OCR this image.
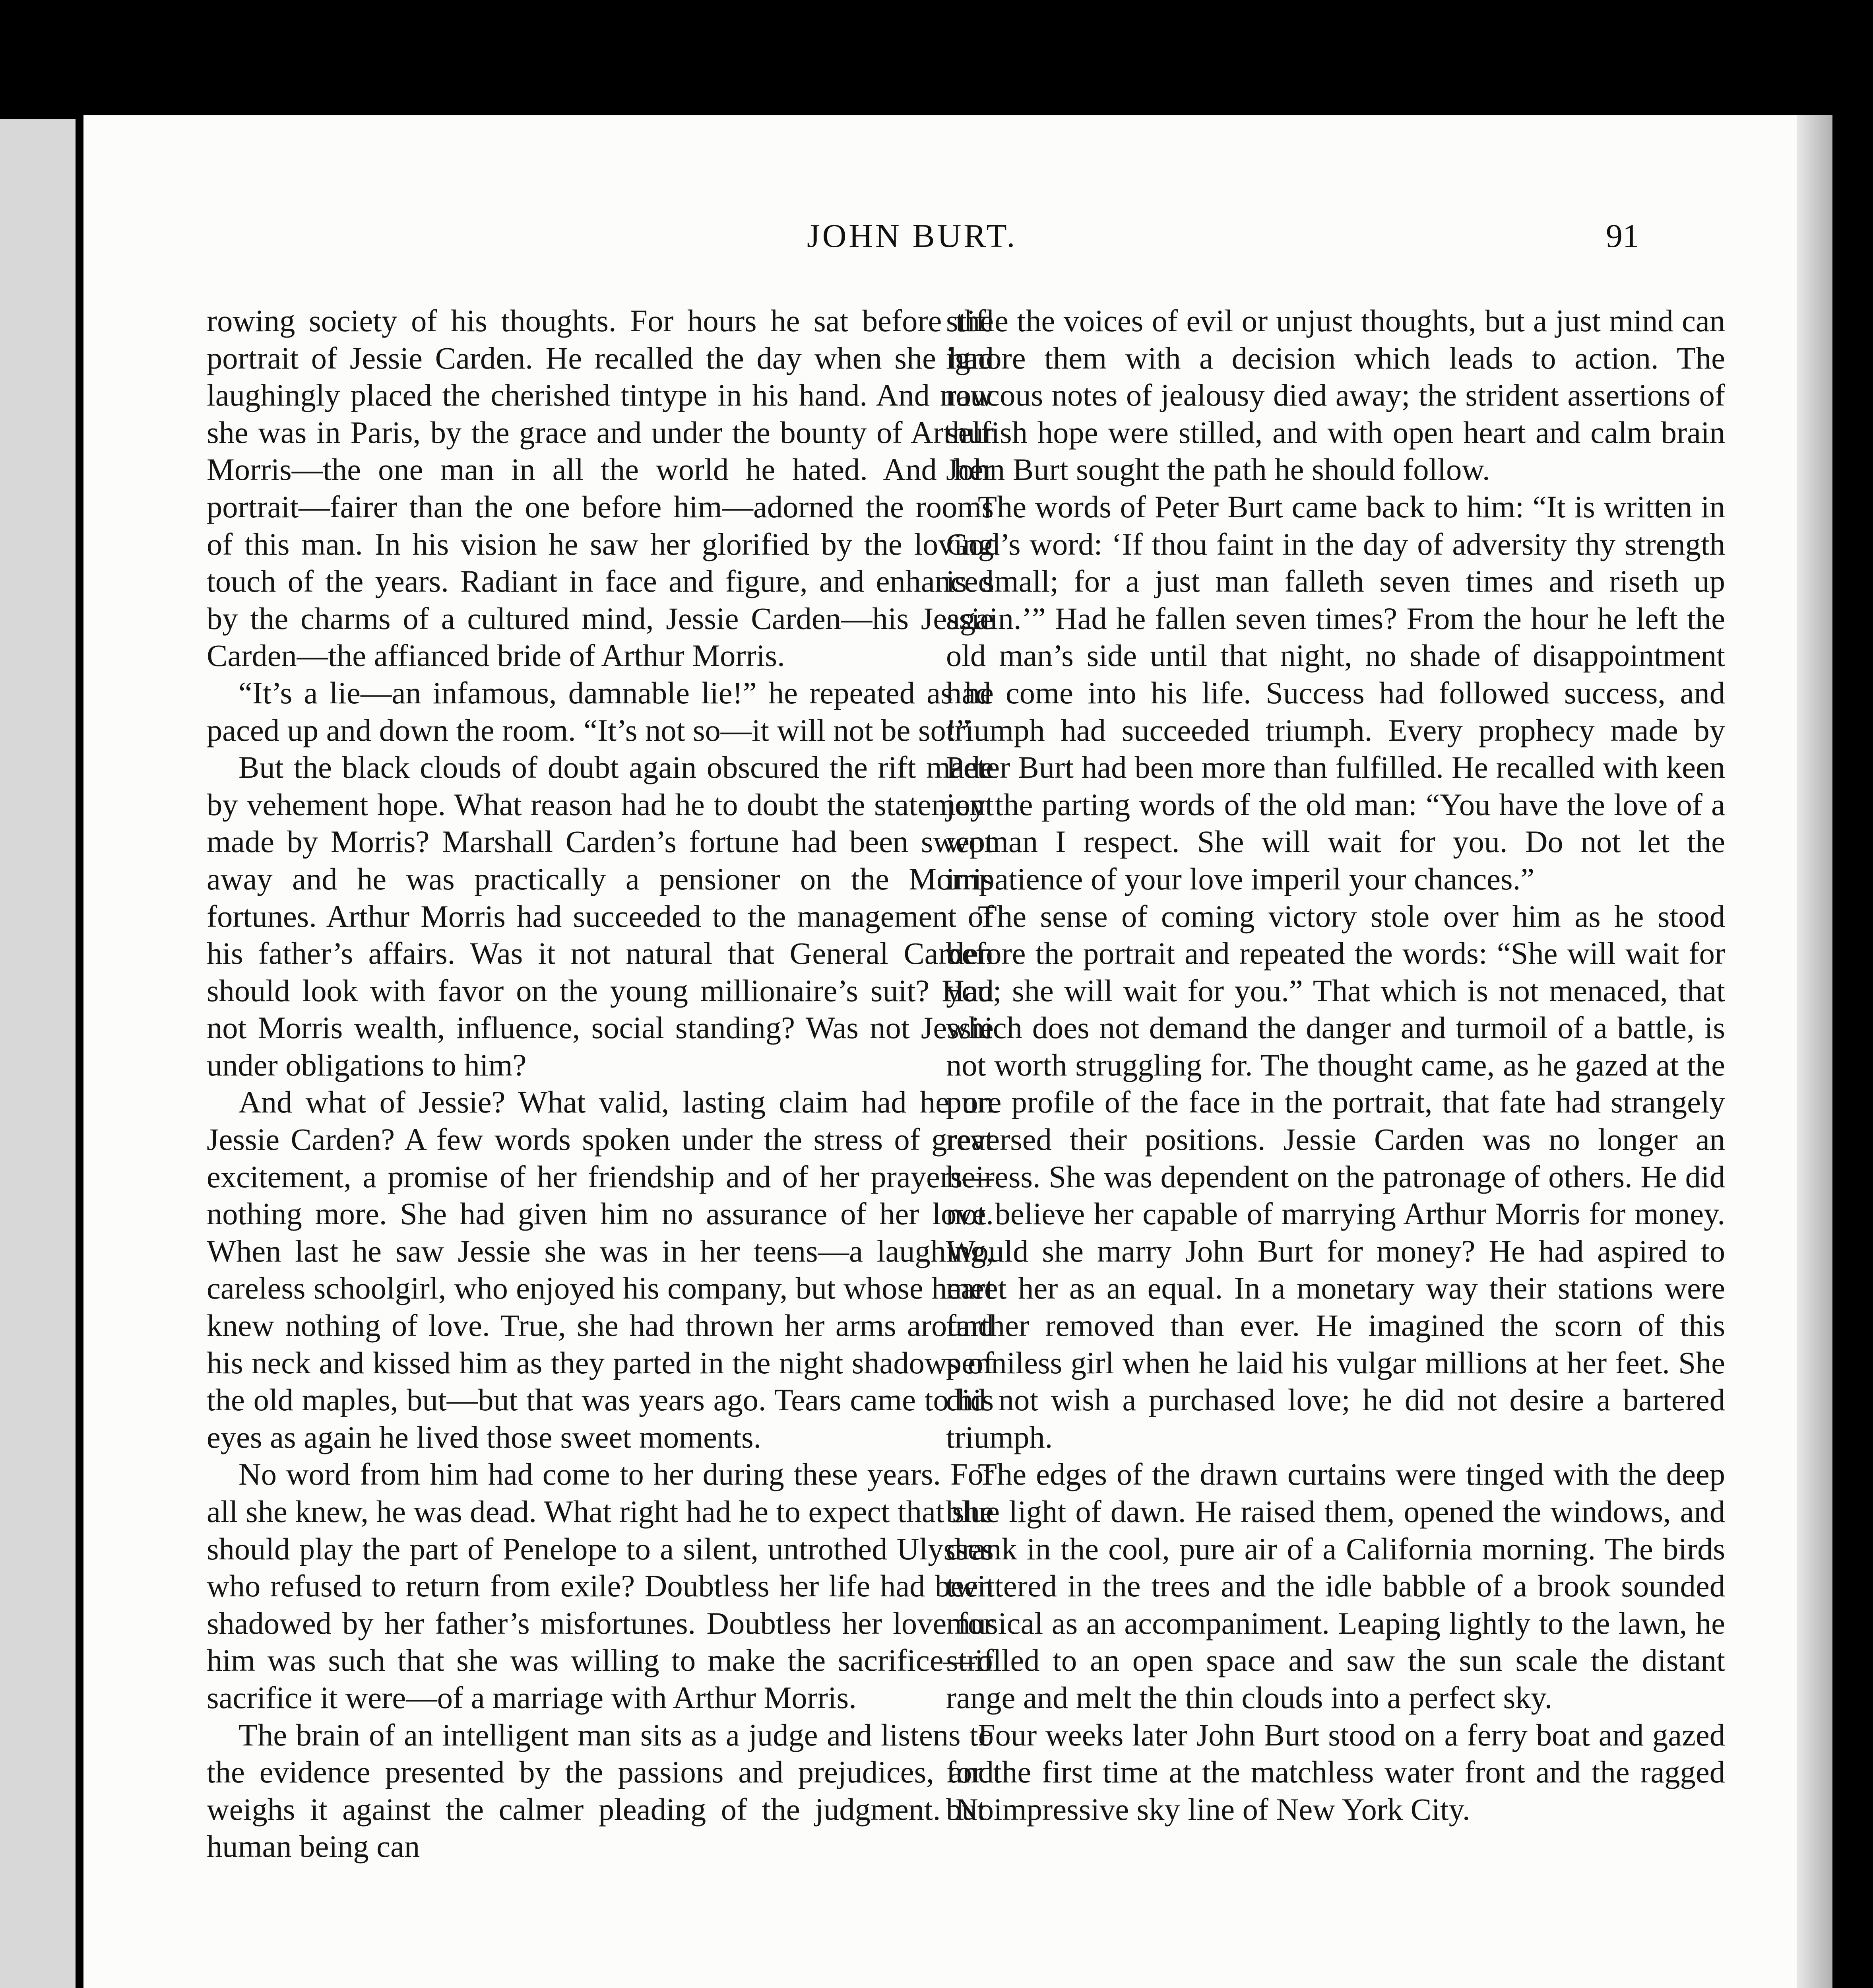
JOHN BURT.	91

rowing society of his thoughts. For hours he sat before the portrait of Jessie Carden. He recalled the day when she had laughingly placed the cherished tintype in his hand. And now she was in Paris, by the grace and under the bounty of Arthur Morris—the one man in all the world he hated. And her portrait—fairer than the one before him—adorned the rooms of this man. In his vision he saw her glorified by the loving touch of the years. Radiant in face and figure, and enhanced by the charms of a cultured mind, Jessie Carden—his Jessie Carden—the affianced bride of Arthur Morris.

“It’s a lie—an infamous, damnable lie!” he repeated as he paced up and down the room. “It’s not so—it will not be so!”

But the black clouds of doubt again obscured the rift made by vehement hope. What reason had he to doubt the statement made by Morris? Marshall Carden’s fortune had been swept away and he was practically a pensioner on the Morris fortunes. Arthur Morris had succeeded to the management of his father’s affairs. Was it not natural that General Carden should look with favor on the young millionaire’s suit? Had not Morris wealth, influence, social standing? Was not Jessie under obligations to him?

And what of Jessie? What valid, lasting claim had he on Jessie Carden? A few words spoken under the stress of great excitement, a promise of her friendship and of her prayers—nothing more. She had given him no assurance of her love. When last he saw Jessie she was in her teens—a laughing, careless schoolgirl, who enjoyed his company, but whose heart knew nothing of love. True, she had thrown her arms around his neck and kissed him as they parted in the night shadows of the old maples, but—but that was years ago. Tears came to his eyes as again he lived those sweet moments.

No word from him had come to her during these years. For all she knew, he was dead. What right had he to expect that she should play the part of Penelope to a silent, untrothed Ulysses who refused to return from exile? Doubtless her life had been shadowed by her father’s misfortunes. Doubtless her love for him was such that she was willing to make the sacrifice—if sacrifice it were—of a marriage with Arthur Morris.

The brain of an intelligent man sits as a judge and listens to the evidence presented by the passions and prejudices, and weighs it against the calmer pleading of the judgment. No human being can

stifle the voices of evil or unjust thoughts, but a just mind can ignore them with a decision which leads to action. The raucous notes of jealousy died away; the strident assertions of selfish hope were stilled, and with open heart and calm brain John Burt sought the path he should follow.

The words of Peter Burt came back to him: “It is written in God’s word: ‘If thou faint in the day of adversity thy strength is small; for a just man falleth seven times and riseth up again.’” Had he fallen seven times? From the hour he left the old man’s side until that night, no shade of disappointment had come into his life. Success had followed success, and triumph had succeeded triumph. Every prophecy made by Peter Burt had been more than fulfilled. He recalled with keen joy the parting words of the old man: “You have the love of a woman I respect. She will wait for you. Do not let the impatience of your love imperil your chances.”

The sense of coming victory stole over him as he stood before the portrait and repeated the words: “She will wait for you; she will wait for you.” That which is not menaced, that which does not demand the danger and turmoil of a battle, is not worth struggling for. The thought came, as he gazed at the pure profile of the face in the portrait, that fate had strangely reversed their positions. Jessie Carden was no longer an heiress. She was dependent on the patronage of others. He did not believe her capable of marrying Arthur Morris for money. Would she marry John Burt for money? He had aspired to meet her as an equal. In a monetary way their stations were farther removed than ever. He imagined the scorn of this penniless girl when he laid his vulgar millions at her feet. She did not wish a purchased love; he did not desire a bartered triumph.

The edges of the drawn curtains were tinged with the deep blue light of dawn. He raised them, opened the windows, and drank in the cool, pure air of a California morning. The birds twittered in the trees and the idle babble of a brook sounded musical as an accompaniment. Leaping lightly to the lawn, he strolled to an open space and saw the sun scale the distant range and melt the thin clouds into a perfect sky.

Four weeks later John Burt stood on a ferry boat and gazed for the first time at the matchless water front and the ragged but impressive sky line of New York City.
